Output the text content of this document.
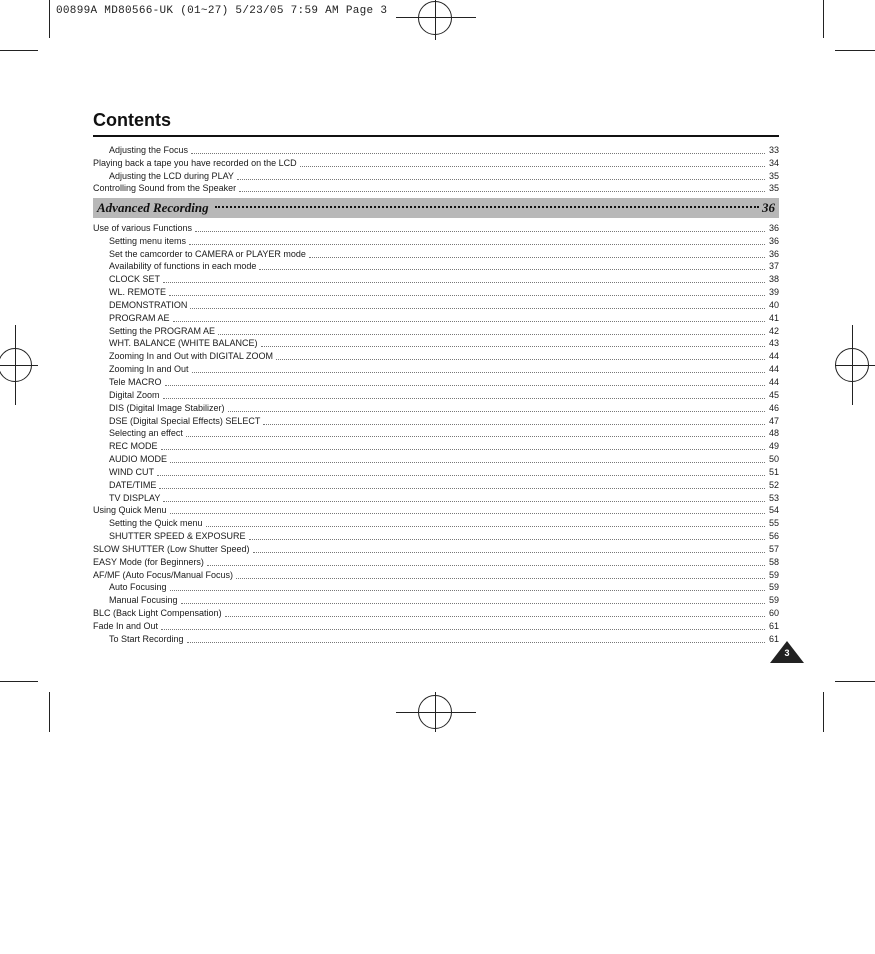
00899A MD80566-UK (01~27) 5/23/05 7:59 AM Page 3
Contents
Adjusting the Focus	33
Playing back a tape you have recorded on the LCD	34
Adjusting the LCD during PLAY	35
Controlling Sound from the Speaker	35
Advanced Recording	36
Use of various Functions	36
Setting menu items	36
Set the camcorder to CAMERA or PLAYER mode	36
Availability of functions in each mode	37
CLOCK SET	38
WL. REMOTE	39
DEMONSTRATION	40
PROGRAM AE	41
Setting the PROGRAM AE	42
WHT. BALANCE (WHITE BALANCE)	43
Zooming In and Out with DIGITAL ZOOM	44
Zooming In and Out	44
Tele MACRO	44
Digital Zoom	45
DIS (Digital Image Stabilizer)	46
DSE (Digital Special Effects) SELECT	47
Selecting an effect	48
REC MODE	49
AUDIO MODE	50
WIND CUT	51
DATE/TIME	52
TV DISPLAY	53
Using Quick Menu	54
Setting the Quick menu	55
SHUTTER SPEED & EXPOSURE	56
SLOW SHUTTER (Low Shutter Speed)	57
EASY Mode (for Beginners)	58
AF/MF (Auto Focus/Manual Focus)	59
Auto Focusing	59
Manual Focusing	59
BLC (Back Light Compensation)	60
Fade In and Out	61
To Start Recording	61
3
